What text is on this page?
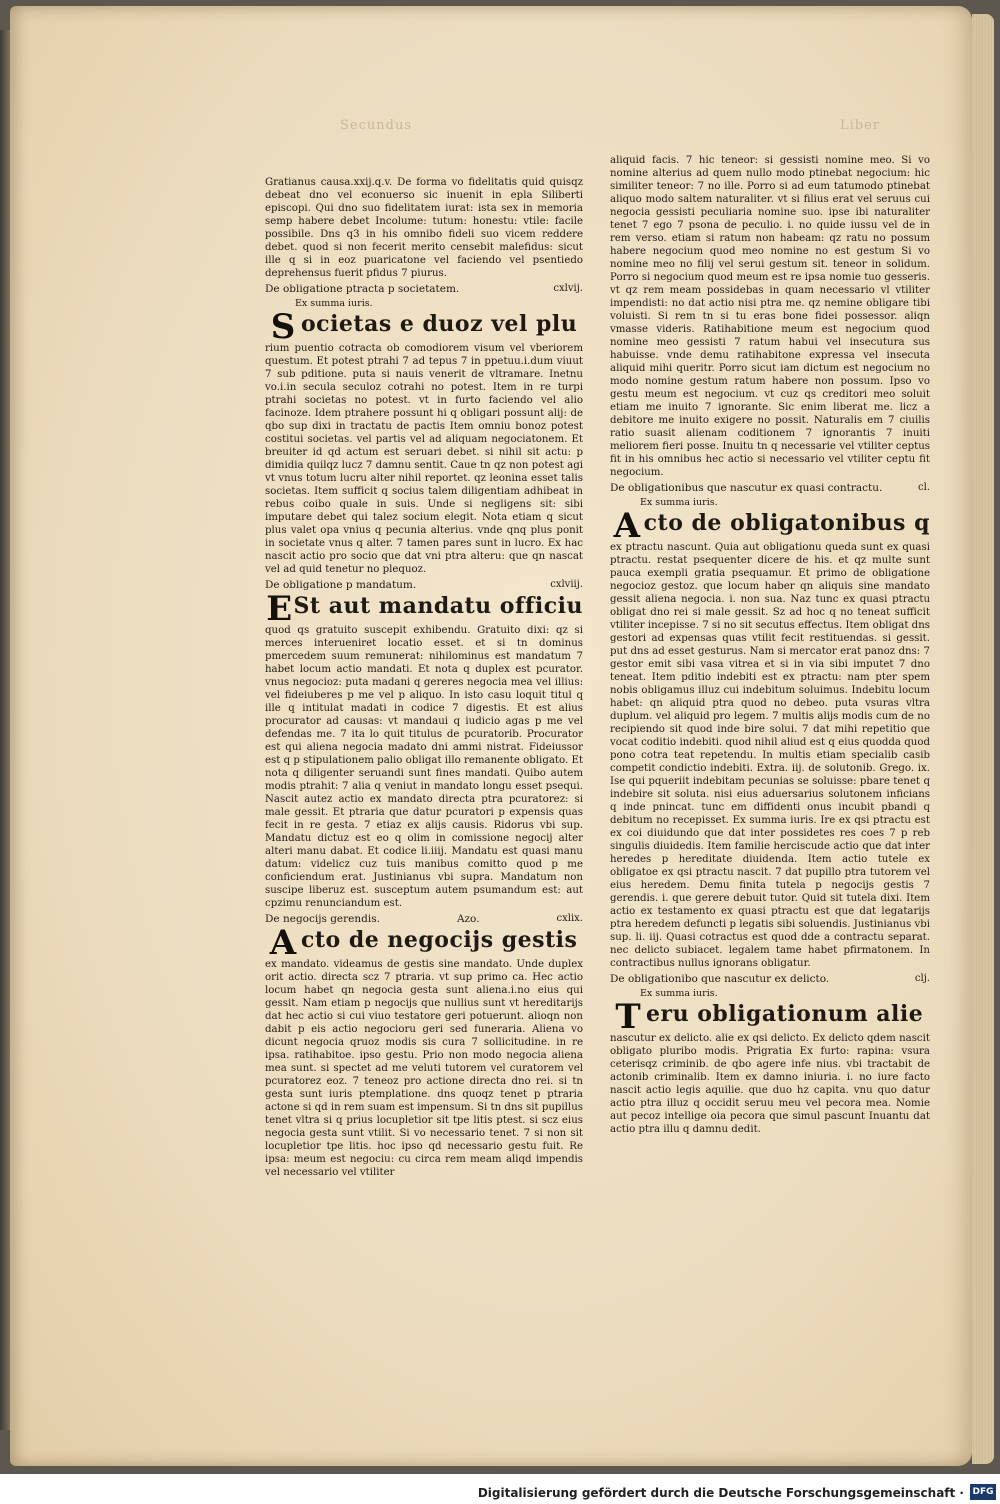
Secundus	Liber

Gratianus causa.xxij.q.v. De forma vo fidelitatis quid quisqz debeat dno vel econuerso sic inuenit in epla Siliberti episcopi. Qui dno suo fidelitatem iurat: ista sex in memoria semp habere debet Incolume: tutum: honestu: vtile: facile possibile. Dns q3 in his omnibo fideli suo vicem reddere debet. quod si non fecerit merito censebit malefidus: sicut ille q si in eoz puaricatone vel faciendo vel psentiedo deprehensus fuerit pfidus 7 piurus.

De obligatione ptracta p societatem.	cxlvij.

Ex summa iuris.

S ocietas e duoz vel plu

rium puentio cotracta ob comodiorem visum vel vberiorem questum. Et potest ptrahi 7 ad tepus 7 in ppetuu.i.dum viuut 7 sub pditione. puta si nauis venerit de vltramare. Inetnu vo.i.in secula seculoz cotrahi no potest. Item in re turpi ptrahi societas no potest. vt in furto faciendo vel alio facinoze. Idem ptrahere possunt hi q obligari possunt alij: de qbo sup dixi in tractatu de pactis Item omniu bonoz potest costitui societas. vel partis vel ad aliquam negociatonem. Et breuiter id qd actum est seruari debet. si nihil sit actu: p dimidia quilqz lucz 7 damnu sentit. Caue tn qz non potest agi vt vnus totum lucru alter nihil reportet. qz leonina esset talis societas. Item sufficit q socius talem diligentiam adhibeat in rebus coibo quale in suis. Unde si negligens sit: sibi imputare debet qui talez socium elegit. Nota etiam q sicut plus valet opa vnius q pecunia alterius. vnde qnq plus ponit in societate vnus q alter. 7 tamen pares sunt in lucro. Ex hac nascit actio pro socio que dat vni ptra alteru: que qn nascat vel ad quid tenetur no plequoz.

De obligatione p mandatum.	cxlviij.
E St aut mandatu officiu

quod qs gratuito suscepit exhibendu. Gratuito dixi: qz si merces interueniret locatio esset. et si tn dominus pmercedem suum remunerat: nihilominus est mandatum 7 habet locum actio mandati. Et nota q duplex est pcurator. vnus negocioz: puta madani q gereres negocia mea vel illius: vel fideiuberes p me vel p aliquo. In isto casu loquit titul q ille q intitulat madati in codice 7 digestis. Et est alius procurator ad causas: vt mandaui q iudicio agas p me vel defendas me. 7 ita lo quit titulus de pcuratorib. Procurator est qui aliena negocia madato dni ammi nistrat. Fideiussor est q p stipulationem palio obligat illo remanente obligato. Et nota q diligenter seruandi sunt fines mandati. Quibo autem modis ptrahit: 7 alia q veniut in mandato longu esset psequi. Nascit autez actio ex mandato directa ptra pcuratorez: si male gessit. Et ptraria que datur pcuratori p expensis quas fecit in re gesta. 7 etiaz ex alijs causis. Ridorus vbi sup. Mandatu dictuz est eo q olim in comissione negocij alter alteri manu dabat. Et codice li.iiij. Mandatu est quasi manu datum: videlicz cuz tuis manibus comitto quod p me conficiendum erat. Justinianus vbi supra. Mandatum non suscipe liberuz est. susceptum autem psumandum est: aut cpzimu renunciandum est.

De negocijs gerendis.	Azo.	cxlix.
A cto de negocijs gestis

ex mandato. videamus de gestis sine mandato. Unde duplex orit actio. directa scz 7 ptraria. vt sup primo ca. Hec actio locum habet qn negocia gesta sunt aliena.i.no eius qui gessit. Nam etiam p negocijs que nullius sunt vt hereditarijs dat hec actio si cui viuo testatore geri potuerunt. alioqn non dabit p eis actio negocioru geri sed funeraria. Aliena vo dicunt negocia qruoz modis sis cura 7 sollicitudine. in re ipsa. ratihabitoe. ipso gestu. Prio non modo negocia aliena mea sunt. si spectet ad me veluti tutorem vel curatorem vel pcuratorez eoz. 7 teneoz pro actione directa dno rei. si tn gesta sunt iuris ptemplatione. dns quoqz tenet p ptraria actone si qd in rem suam est impensum. Si tn dns sit pupillus tenet vltra si q prius locupletior sit tpe litis ptest. si scz eius negocia gesta sunt vtilit. Si vo necessario tenet. 7 si non sit locupletior tpe litis. hoc ipso qd necessario gestu fuit. Re ipsa: meum est negociu: cu circa rem meam aliqd impendis vel necessario vel vtiliter

aliquid facis. 7 hic teneor: si gessisti nomine meo. Si vo nomine alterius ad quem nullo modo ptinebat negocium: hic similiter teneor: 7 no ille. Porro si ad eum tatumodo ptinebat aliquo modo saltem naturaliter. vt si filius erat vel seruus cui negocia gessisti peculiaria nomine suo. ipse ibi naturaliter tenet 7 ego 7 psona de peculio. i. no quide iussu vel de in rem verso. etiam si ratum non habeam: qz ratu no possum habere negocium quod meo nomine no est gestum Si vo nomine meo no filij vel serui gestum sit. teneor in solidum. Porro si negocium quod meum est re ipsa nomie tuo gesseris. vt qz rem meam possidebas in quam necessario vl vtiliter impendisti: no dat actio nisi ptra me. qz nemine obligare tibi voluisti. Si rem tn si tu eras bone fidei possessor. aliqn vmasse videris. Ratihabitione meum est negocium quod nomine meo gessisti 7 ratum habui vel insecutura sus habuisse. vnde demu ratihabitone expressa vel insecuta aliquid mihi queritr. Porro sicut iam dictum est negocium no modo nomine gestum ratum habere non possum. Ipso vo gestu meum est negocium. vt cuz qs creditori meo soluit etiam me inuito 7 ignorante. Sic enim liberat me. licz a debitore me inuito exigere no possit. Naturalis em 7 ciuilis ratio suasit alienam coditionem 7 ignorantis 7 inuiti meliorem fieri posse. Inuitu tn q necessarie vel vtiliter ceptus fit in his omnibus hec actio si necessario vel vtiliter ceptu fit negocium.

De obligationibus que nascutur ex quasi contractu.	cl.

Ex summa iuris.

A cto de obligatonibus q

ex ptractu nascunt. Quia aut obligationu queda sunt ex quasi ptractu. restat psequenter dicere de his. et qz multe sunt pauca exempli gratia psequamur. Et primo de obligatione negocioz gestoz. que locum haber qn aliquis sine mandato gessit aliena negocia. i. non sua. Naz tunc ex quasi ptractu obligat dno rei si male gessit. Sz ad hoc q no teneat sufficit vtiliter incepisse. 7 si no sit secutus effectus. Item obligat dns gestori ad expensas quas vtilit fecit restituendas. si gessit. put dns ad esset gesturus. Nam si mercator erat panoz dns: 7 gestor emit sibi vasa vitrea et si in via sibi imputet 7 dno teneat. Item pditio indebiti est ex ptractu: nam pter spem nobis obligamus illuz cui indebitum soluimus. Indebitu locum habet: qn aliquid ptra quod no debeo. puta vsuras vltra duplum. vel aliquid pro legem. 7 multis alijs modis cum de no recipiendo sit quod inde bire solui. 7 dat mihi repetitio que vocat coditio indebiti. quod nihil aliud est q eius quodda quod pono cotra teat repetendu. In multis etiam specialib casib competit condictio indebiti. Extra. iij. de solutonib. Grego. ix. Ise qui pqueriit indebitam pecunias se soluisse: pbare tenet q indebire sit soluta. nisi eius aduersarius solutonem inficians q inde pnincat. tunc em diffidenti onus incubit pbandi q debitum no recepisset. Ex summa iuris. Ire ex qsi ptractu est ex coi diuidundo que dat inter possidetes res coes 7 p reb singulis diuidedis. Item familie herciscude actio que dat inter heredes p hereditate diuidenda. Item actio tutele ex obligatoe ex qsi ptractu nascit. 7 dat pupillo ptra tutorem vel eius heredem. Demu finita tutela p negocijs gestis 7 gerendis. i. que gerere debuit tutor. Quid sit tutela dixi. Item actio ex testamento ex quasi ptractu est que dat legatarijs ptra heredem defuncti p legatis sibi soluendis. Justinianus vbi sup. li. iij. Quasi cotractus est quod dde a contractu separat. nec delicto subiacet. legalem tame habet pfirmatonem. In contractibus nullus ignorans obligatur.

De obligationibo que nascutur ex delicto.	clj.

Ex summa iuris.

T eru obligationum alie

nascutur ex delicto. alie ex qsi delicto. Ex delicto qdem nascit obligato pluribo modis. Prigratia Ex furto: rapina: vsura ceterisqz criminib. de qbo agere infe nius. vbi tractabit de actonib criminalib. Item ex damno iniuria. i. no iure facto nascit actio legis aquilie. que duo hz capita. vnu quo datur actio ptra illuz q occidit seruu meu vel pecora mea. Nomie aut pecoz intellige oia pecora que simul pascunt Inuantu dat actio ptra illu q damnu dedit.

Digitalisierung gefördert durch die Deutsche Forschungsgemeinschaft · DFG
